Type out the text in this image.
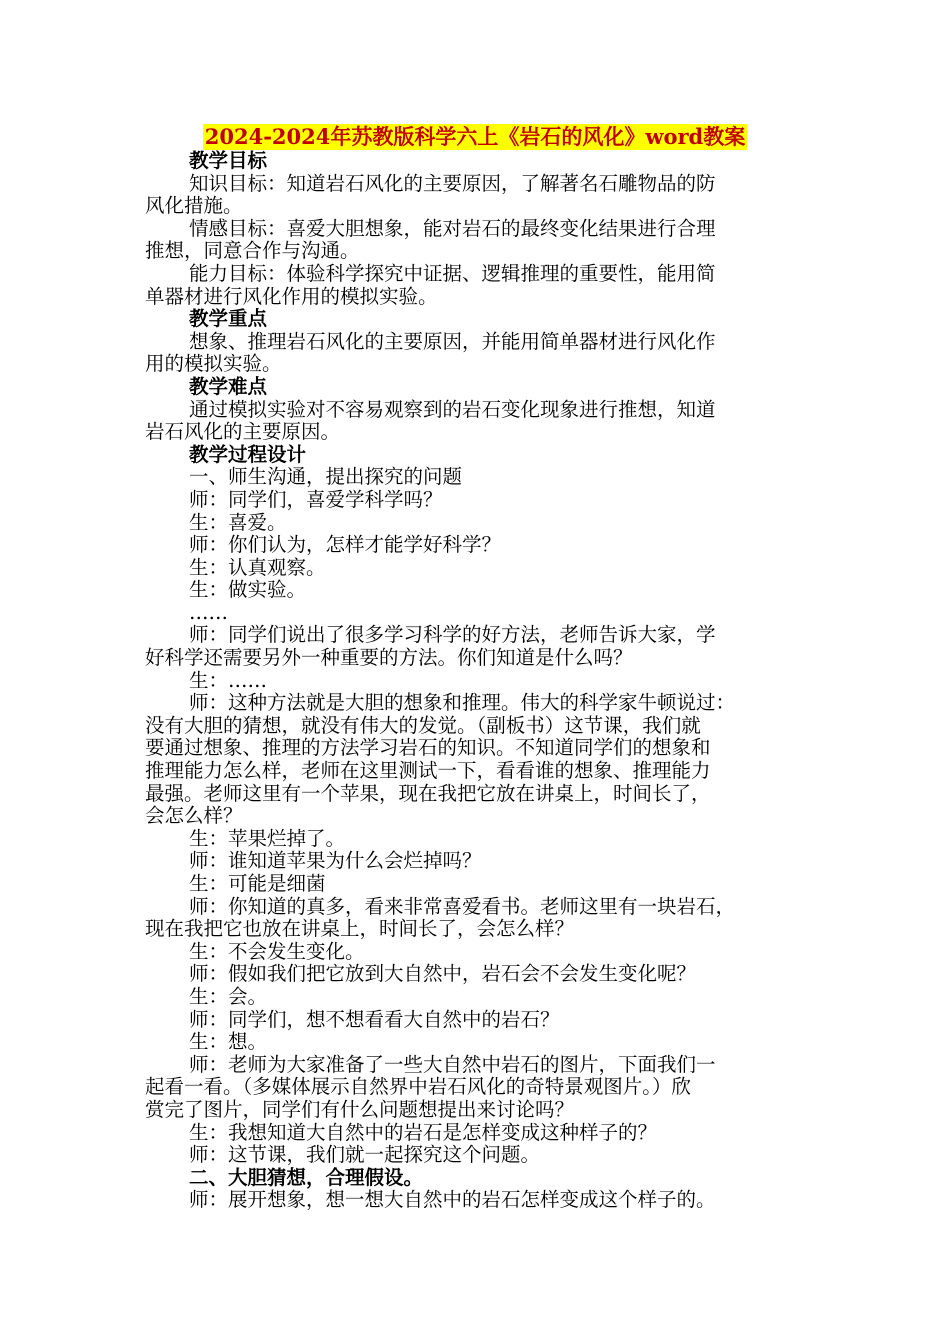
2024-2024年苏教版科学六上《岩石的风化》word教案
教学目标
知识目标：知道岩石风化的主要原因，了解著名石雕物品的防
风化措施。
情感目标：喜爱大胆想象，能对岩石的最终变化结果进行合理
推想，同意合作与沟通。
能力目标：体验科学探究中证据、逻辑推理的重要性，能用简
单器材进行风化作用的模拟实验。
教学重点
想象、推理岩石风化的主要原因，并能用简单器材进行风化作
用的模拟实验。
教学难点
通过模拟实验对不容易观察到的岩石变化现象进行推想，知道
岩石风化的主要原因。
教学过程设计
一、师生沟通，提出探究的问题
师：同学们，喜爱学科学吗？
生：喜爱。
师：你们认为，怎样才能学好科学？
生：认真观察。
生：做实验。
……
师：同学们说出了很多学习科学的好方法，老师告诉大家，学
好科学还需要另外一种重要的方法。你们知道是什么吗？
生：……
师：这种方法就是大胆的想象和推理。伟大的科学家牛顿说过：
没有大胆的猜想，就没有伟大的发觉。（副板书）这节课，我们就
要通过想象、推理的方法学习岩石的知识。不知道同学们的想象和
推理能力怎么样，老师在这里测试一下，看看谁的想象、推理能力
最强。老师这里有一个苹果，现在我把它放在讲桌上，时间长了，
会怎么样？
生：苹果烂掉了。
师：谁知道苹果为什么会烂掉吗？
生：可能是细菌
师：你知道的真多，看来非常喜爱看书。老师这里有一块岩石，
现在我把它也放在讲桌上，时间长了，会怎么样？
生：不会发生变化。
师：假如我们把它放到大自然中，岩石会不会发生变化呢？
生：会。
师：同学们，想不想看看大自然中的岩石？
生：想。
师：老师为大家准备了一些大自然中岩石的图片，下面我们一
起看一看。（多媒体展示自然界中岩石风化的奇特景观图片。）欣
赏完了图片，同学们有什么问题想提出来讨论吗？
生：我想知道大自然中的岩石是怎样变成这种样子的？
师：这节课，我们就一起探究这个问题。
二、大胆猜想，合理假设。
师：展开想象，想一想大自然中的岩石怎样变成这个样子的。
